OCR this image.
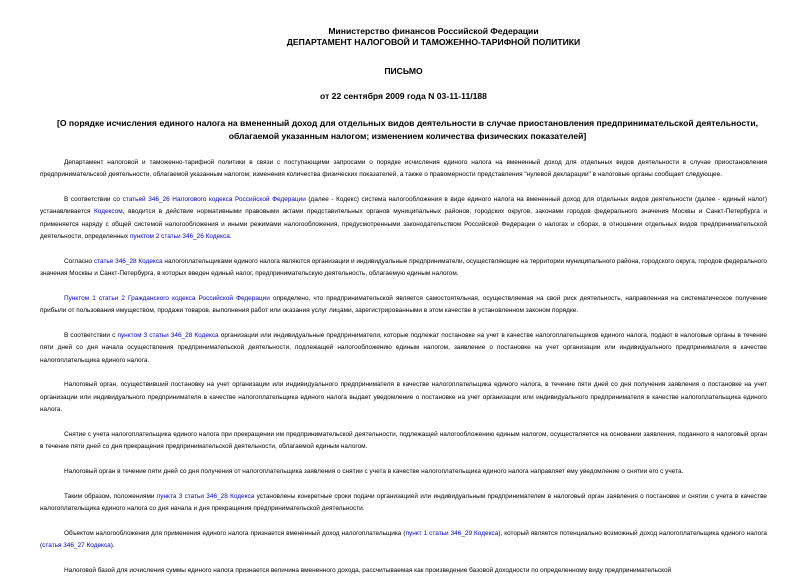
Министерство финансов Российской Федерации
ДЕПАРТАМЕНТ НАЛОГОВОЙ И ТАМОЖЕННО-ТАРИФНОЙ ПОЛИТИКИ
ПИСЬМО
от 22 сентября 2009 года N 03-11-11/188
[О порядке исчисления единого налога на вмененный доход для отдельных видов деятельности в случае приостановления предпринимательской деятельности, облагаемой указанным налогом; изменением количества физических показателей]

Департамент налоговой и таможенно-тарифной политики в связи с поступающими запросами о порядке исчисления единого налога на вмененный доход для отдельных видов деятельности в случае приостановления предпринимательской деятельности, облагаемой указанным налогом; изменения количества физических показателей, а также о правомерности представления "нулевой декларации" в налоговые органы сообщает следующее.

В соответствии со статьей 346_26 Налогового кодекса Российской Федерации (далее - Кодекс) система налогообложения в виде единого налога на вмененный доход для отдельных видов деятельности (далее - единый налог) устанавливается Кодексом, вводится в действие нормативными правовыми актами представительных органов муниципальных районов, городских округов, законами городов федерального значения Москвы и Санкт-Петербурга и применяется наряду с общей системой налогообложения и иными режимами налогообложения, предусмотренными законодательством Российской Федерации о налогах и сборах, в отношении отдельных видов предпринимательской деятельности, определенных пунктом 2 статьи 346_26 Кодекса.

Согласно статье 346_28 Кодекса налогоплательщиками единого налога являются организации и индивидуальные предприниматели, осуществляющие на территории муниципального района, городского округа, городов федерального значения Москвы и Санкт-Петербурга, в которых введен единый налог, предпринимательскую деятельность, облагаемую единым налогом.

Пунктом 1 статьи 2 Гражданского кодекса Российской Федерации определено, что предпринимательской является самостоятельная, осуществляемая на свой риск деятельность, направленная на систематическое получение прибыли от пользования имуществом, продажи товаров, выполнения работ или оказания услуг лицами, зарегистрированными в этом качестве в установленном законом порядке.

В соответствии с пунктом 3 статьи 346_28 Кодекса организации или индивидуальные предприниматели, которые подлежат постановке на учет в качестве налогоплательщиков единого налога, подают в налоговые органы в течение пяти дней со дня начала осуществления предпринимательской деятельности, подлежащей налогообложению единым налогом, заявление о постановке на учет организации или индивидуального предпринимателя в качестве налогоплательщика единого налога.

Налоговый орган, осуществивший постановку на учет организации или индивидуального предпринимателя в качестве налогоплательщика единого налога, в течение пяти дней со дня получения заявления о постановке на учет организации или индивидуального предпринимателя в качестве налогоплательщика единого налога выдает уведомление о постановке на учет организации или индивидуального предпринимателя в качестве налогоплательщика единого налога.

Снятие с учета налогоплательщика единого налога при прекращении им предпринимательской деятельности, подлежащей налогообложению единым налогом, осуществляется на основании заявления, поданного в налоговый орган в течение пяти дней со дня прекращения предпринимательской деятельности, облагаемой единым налогом.

Налоговый орган в течение пяти дней со дня получения от налогоплательщика заявления о снятии с учета в качестве налогоплательщика единого налога направляет ему уведомление о снятии его с учета.

Таким образом, положениями пункта 3 статьи 346_28 Кодекса установлены конкретные сроки подачи организацией или индивидуальным предпринимателем в налоговый орган заявления о постановке и снятии с учета в качестве налогоплательщика единого налога со дня начала и дня прекращения предпринимательской деятельности.

Объектом налогообложения для применения единого налога признается вмененный доход налогоплательщика (пункт 1 статьи 346_29 Кодекса), который является потенциально возможный доход налогоплательщика единого налога (статья 346_27 Кодекса).

Налоговой базой для исчисления суммы единого налога признается величина вмененного дохода, рассчитываемая как произведение базовой доходности по определенному виду предпринимательской
